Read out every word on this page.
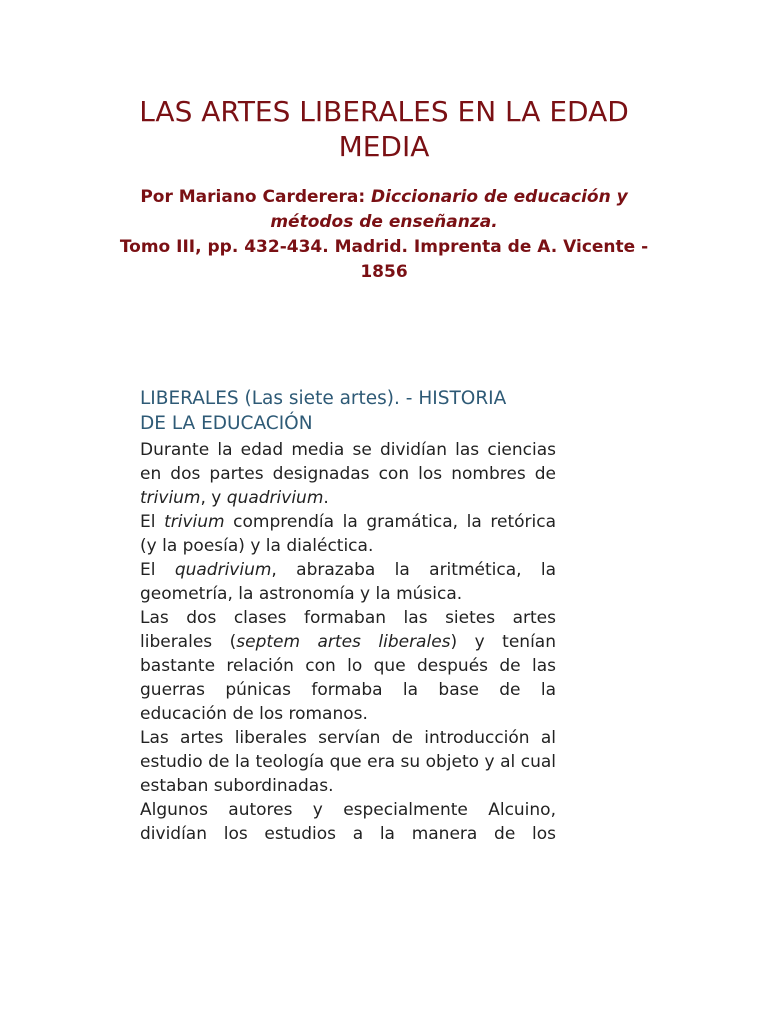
LAS ARTES LIBERALES EN LA EDAD
MEDIA

Por Mariano Carderera: Diccionario de educación y
métodos de enseñanza.
Tomo III, pp. 432-434. Madrid. Imprenta de A. Vicente -
1856

LIBERALES (Las siete artes). - HISTORIA
DE LA EDUCACIÓN

Durante la edad media se dividían las ciencias en dos partes designadas con los nombres de trivium, y quadrivium.

El trivium comprendía la gramática, la retórica (y la poesía) y la dialéctica.

El quadrivium, abrazaba la aritmética, la geometría, la astronomía y la música.

Las dos clases formaban las sietes artes liberales (septem artes liberales) y tenían bastante relación con lo que después de las guerras púnicas formaba la base de la educación de los romanos.

Las artes liberales servían de introducción al estudio de la teología que era su objeto y al cual estaban subordinadas.

Algunos autores y especialmente Alcuino, dividían los estudios a la manera de los
